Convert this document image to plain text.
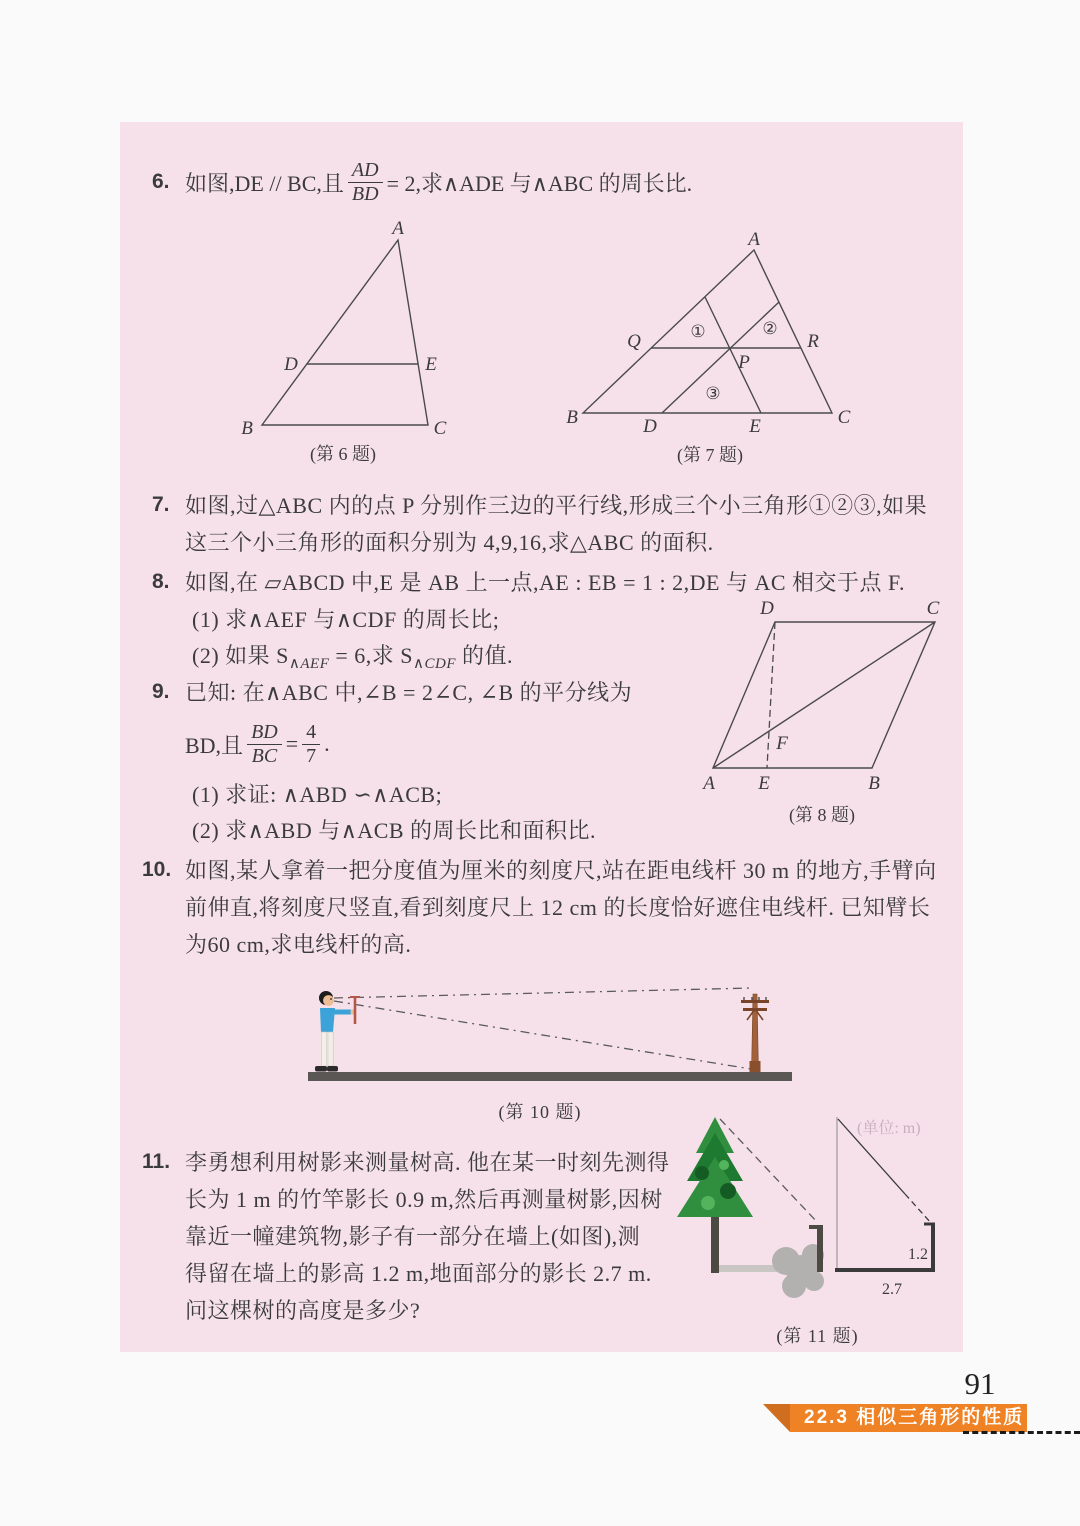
6. 如图,DE // BC,且 $\frac{AD}{BD} = 2$,求∧ADE 与∧ABC 的周长比.
A
B	C
D	E
(第 6 题)
A
B	C
Q	R
P
D	E
①	②
③
(第 7 题)
7. 如图,过△ABC 内的点 P 分别作三边的平行线,形成三个小三角形①②③,如果
这三个小三角形的面积分别为 4,9,16,求△ABC 的面积.
8. 如图,在 ▱ABCD 中,E 是 AB 上一点,AE : EB = 1 : 2,DE 与 AC 相交于点 F.
(1) 求∧AEF 与∧CDF 的周长比;
(2) 如果 $S_{\wedge AEF} = 6$,求 $S_{\wedge CDF}$ 的值.
D	C
A E	B
F
(第 8 题)
9. 已知: 在∧ABC 中,∠B = 2∠C, ∠B 的平分线为
BD,且 $\frac{BD}{BC} = \frac{4}{7}$ .
(1) 求证: ∧ABD ∽∧ACB;
(2) 求∧ABD 与∧ACB 的周长比和面积比.
10. 如图,某人拿着一把分度值为厘米的刻度尺,站在距电线杆 30 m 的地方,手臂向
前伸直,将刻度尺竖直,看到刻度尺上 12 cm 的长度恰好遮住电线杆. 已知臂长
为60 cm,求电线杆的高.
(第 10 题)
11. 李勇想利用树影来测量树高. 他在某一时刻先测得
长为 1 m 的竹竿影长 0.9 m,然后再测量树影,因树
靠近一幢建筑物,影子有一部分在墙上(如图),测
得留在墙上的影高 1.2 m,地面部分的影长 2.7 m.
问这棵树的高度是多少?
(单位: m)
1.2
2.7
(第 11 题)
91
22.3 相似三角形的性质
